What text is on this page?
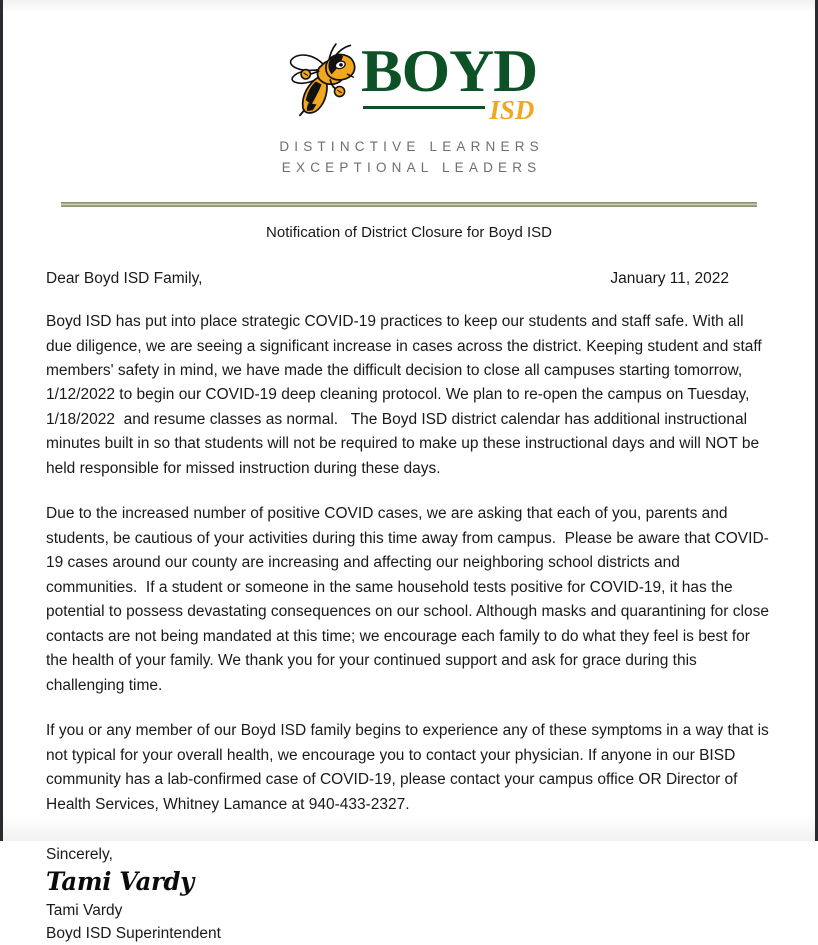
BOYD
ISD
DISTINCTIVE LEARNERS
EXCEPTIONAL LEADERS
Notification of District Closure for Boyd ISD
Dear Boyd ISD Family,	January 11, 2022

Boyd ISD has put into place strategic COVID-19 practices to keep our students and staff safe. With all due diligence, we are seeing a significant increase in cases across the district. Keeping student and staff members' safety in mind, we have made the difficult decision to close all campuses starting tomorrow, 1/12/2022 to begin our COVID-19 deep cleaning protocol. We plan to re-open the campus on Tuesday, 1/18/2022  and resume classes as normal.   The Boyd ISD district calendar has additional instructional minutes built in so that students will not be required to make up these instructional days and will NOT be held responsible for missed instruction during these days.

Due to the increased number of positive COVID cases, we are asking that each of you, parents and students, be cautious of your activities during this time away from campus.  Please be aware that COVID-19 cases around our county are increasing and affecting our neighboring school districts and communities.  If a student or someone in the same household tests positive for COVID-19, it has the potential to possess devastating consequences on our school. Although masks and quarantining for close contacts are not being mandated at this time; we encourage each family to do what they feel is best for the health of your family. We thank you for your continued support and ask for grace during this challenging time.

If you or any member of our Boyd ISD family begins to experience any of these symptoms in a way that is not typical for your overall health, we encourage you to contact your physician. If anyone in our BISD community has a lab-confirmed case of COVID-19, please contact your campus office OR Director of Health Services, Whitney Lamance at 940-433-2327.

Sincerely,
Tami Vardy
Tami Vardy
Boyd ISD Superintendent
